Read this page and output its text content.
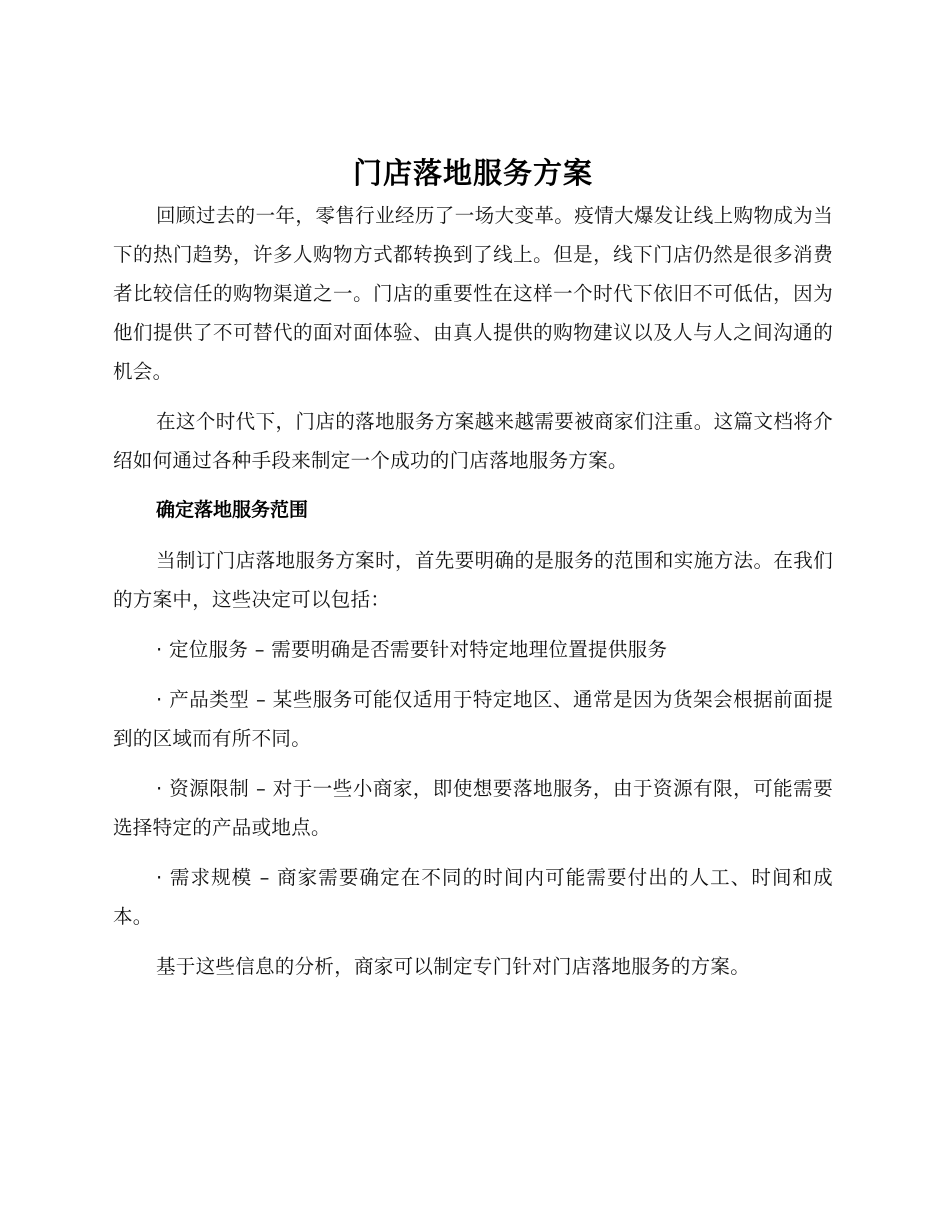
门店落地服务方案

回顾过去的一年，零售行业经历了一场大变革。疫情大爆发让线上购物成为当下的热门趋势，许多人购物方式都转换到了线上。但是，线下门店仍然是很多消费者比较信任的购物渠道之一。门店的重要性在这样一个时代下依旧不可低估，因为他们提供了不可替代的面对面体验、由真人提供的购物建议以及人与人之间沟通的机会。

在这个时代下，门店的落地服务方案越来越需要被商家们注重。这篇文档将介绍如何通过各种手段来制定一个成功的门店落地服务方案。

确定落地服务范围

当制订门店落地服务方案时，首先要明确的是服务的范围和实施方法。在我们的方案中，这些决定可以包括：

· 定位服务 – 需要明确是否需要针对特定地理位置提供服务

· 产品类型 – 某些服务可能仅适用于特定地区、通常是因为货架会根据前面提到的区域而有所不同。

· 资源限制 – 对于一些小商家，即使想要落地服务，由于资源有限，可能需要选择特定的产品或地点。

· 需求规模 – 商家需要确定在不同的时间内可能需要付出的人工、时间和成本。

基于这些信息的分析，商家可以制定专门针对门店落地服务的方案。
